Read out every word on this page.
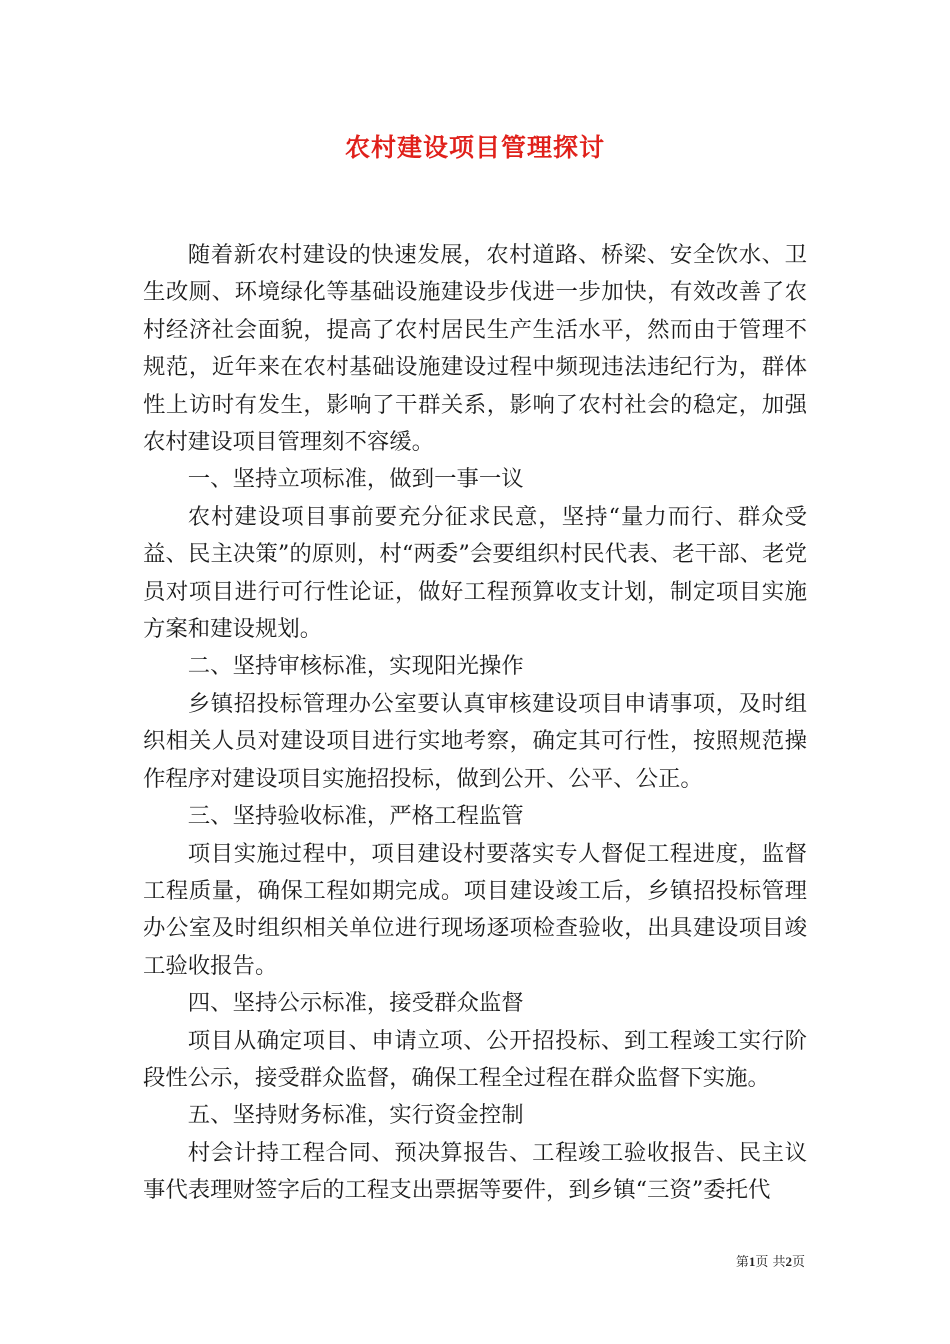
农村建设项目管理探讨

随着新农村建设的快速发展，农村道路、桥梁、安全饮水、卫生改厕、环境绿化等基础设施建设步伐进一步加快，有效改善了农村经济社会面貌，提高了农村居民生产生活水平，然而由于管理不规范，近年来在农村基础设施建设过程中频现违法违纪行为，群体性上访时有发生，影响了干群关系，影响了农村社会的稳定，加强农村建设项目管理刻不容缓。

一、坚持立项标准，做到一事一议

农村建设项目事前要充分征求民意，坚持“量力而行、群众受益、民主决策”的原则，村“两委”会要组织村民代表、老干部、老党员对项目进行可行性论证，做好工程预算收支计划，制定项目实施方案和建设规划。

二、坚持审核标准，实现阳光操作

乡镇招投标管理办公室要认真审核建设项目申请事项，及时组织相关人员对建设项目进行实地考察，确定其可行性，按照规范操作程序对建设项目实施招投标，做到公开、公平、公正。

三、坚持验收标准，严格工程监管

项目实施过程中，项目建设村要落实专人督促工程进度，监督工程质量，确保工程如期完成。项目建设竣工后，乡镇招投标管理办公室及时组织相关单位进行现场逐项检查验收，出具建设项目竣工验收报告。

四、坚持公示标准，接受群众监督

项目从确定项目、申请立项、公开招投标、到工程竣工实行阶段性公示，接受群众监督，确保工程全过程在群众监督下实施。

五、坚持财务标准，实行资金控制

村会计持工程合同、预决算报告、工程竣工验收报告、民主议事代表理财签字后的工程支出票据等要件，到乡镇“三资”委托代

第1页 共2页
